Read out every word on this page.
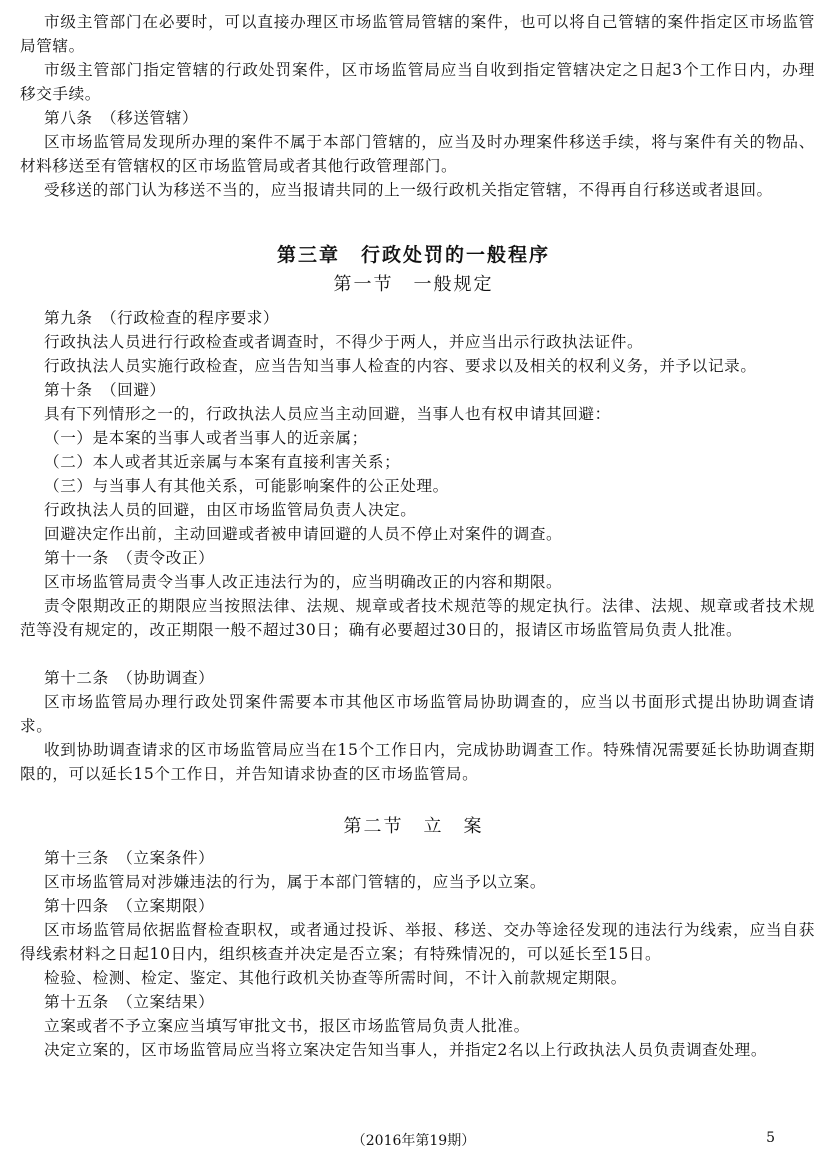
市级主管部门在必要时，可以直接办理区市场监管局管辖的案件，也可以将自己管辖的案件指定区市场监管局管辖。

市级主管部门指定管辖的行政处罚案件，区市场监管局应当自收到指定管辖决定之日起3个工作日内，办理移交手续。

第八条　（移送管辖）

区市场监管局发现所办理的案件不属于本部门管辖的，应当及时办理案件移送手续，将与案件有关的物品、材料移送至有管辖权的区市场监管局或者其他行政管理部门。

受移送的部门认为移送不当的，应当报请共同的上一级行政机关指定管辖，不得再自行移送或者退回。

第九条　（行政检查的程序要求）

行政执法人员进行行政检查或者调查时，不得少于两人，并应当出示行政执法证件。

行政执法人员实施行政检查，应当告知当事人检查的内容、要求以及相关的权利义务，并予以记录。

第十条　（回避）

具有下列情形之一的，行政执法人员应当主动回避，当事人也有权申请其回避：

（一）是本案的当事人或者当事人的近亲属；

（二）本人或者其近亲属与本案有直接利害关系；

（三）与当事人有其他关系，可能影响案件的公正处理。

行政执法人员的回避，由区市场监管局负责人决定。

回避决定作出前，主动回避或者被申请回避的人员不停止对案件的调查。

第十一条　（责令改正）

区市场监管局责令当事人改正违法行为的，应当明确改正的内容和期限。

责令限期改正的期限应当按照法律、法规、规章或者技术规范等的规定执行。法律、法规、规章或者技术规范等没有规定的，改正期限一般不超过30日；确有必要超过30日的，报请区市场监管局负责人批准。

第十二条　（协助调查）

区市场监管局办理行政处罚案件需要本市其他区市场监管局协助调查的，应当以书面形式提出协助调查请求。

收到协助调查请求的区市场监管局应当在15个工作日内，完成协助调查工作。特殊情况需要延长协助调查期限的，可以延长15个工作日，并告知请求协查的区市场监管局。

第十三条　（立案条件）

区市场监管局对涉嫌违法的行为，属于本部门管辖的，应当予以立案。

第十四条　（立案期限）

区市场监管局依据监督检查职权，或者通过投诉、举报、移送、交办等途径发现的违法行为线索，应当自获得线索材料之日起10日内，组织核查并决定是否立案；有特殊情况的，可以延长至15日。

检验、检测、检定、鉴定、其他行政机关协查等所需时间，不计入前款规定期限。

第十五条　（立案结果）

立案或者不予立案应当填写审批文书，报区市场监管局负责人批准。

决定立案的，区市场监管局应当将立案决定告知当事人，并指定2名以上行政执法人员负责调查处理。

第三章　行政处罚的一般程序

第一节　一般规定

第二节　立　案

（2016年第19期）	5
